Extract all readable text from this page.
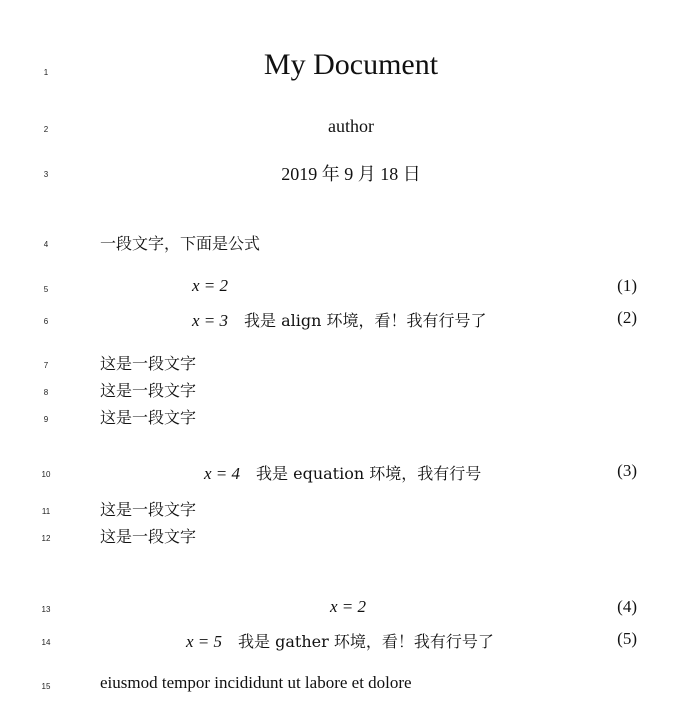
1
2
3
4
5
6
7
8
9
10
11
12
13
14
15
My Document
author
2019 年 9 月 18 日
一段文字，下面是公式
x = 2	(1)
x = 3 我是 align 环境，看！我有行号了	(2)
这是一段文字
这是一段文字
这是一段文字
x = 4 我是 equation 环境，我有行号	(3)
这是一段文字
这是一段文字
x = 2	(4)
x = 5 我是 gather 环境，看！我有行号了	(5)
eiusmod tempor incididunt ut labore et dolore
